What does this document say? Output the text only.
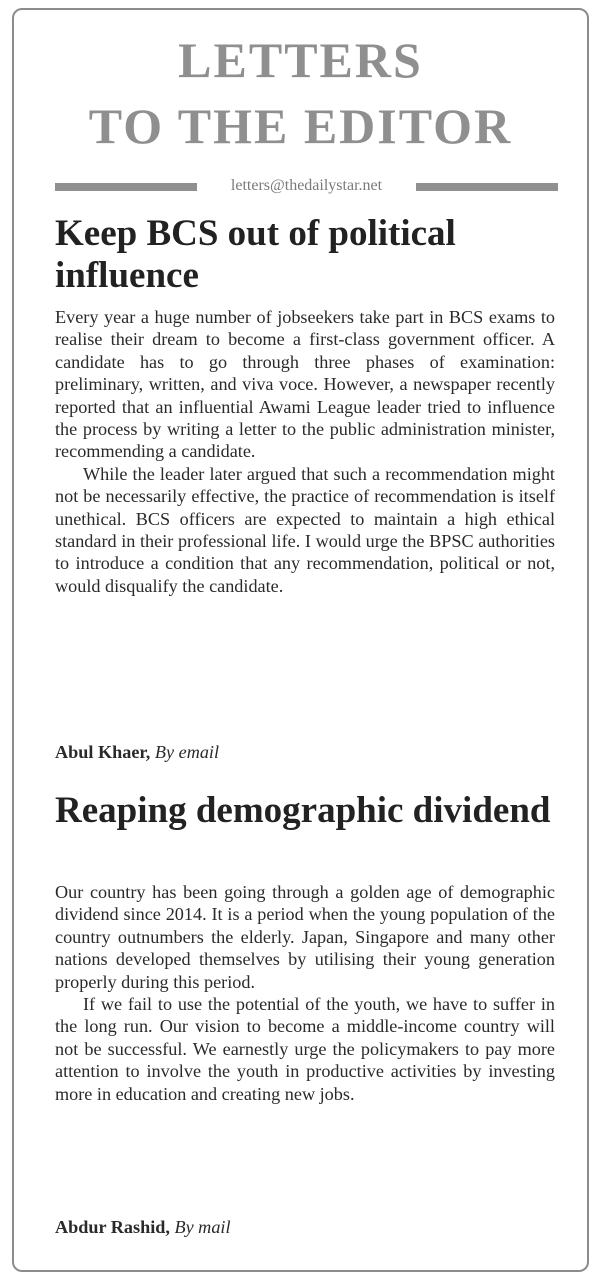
LETTERS
TO THE EDITOR
letters@thedailystar.net
Keep BCS out of political influence

Every year a huge number of jobseekers take part in BCS exams to realise their dream to become a first-class government officer. A candidate has to go through three phases of examination: preliminary, written, and viva voce. However, a newspaper recently reported that an influential Awami League leader tried to influence the process by writing a letter to the public administration minister, recommending a candidate.

While the leader later argued that such a recommendation might not be necessarily effective, the practice of recommendation is itself unethical. BCS officers are expected to maintain a high ethical standard in their professional life. I would urge the BPSC authorities to introduce a condition that any recommendation, political or not, would disqualify the candidate.

Abul Khaer, By email
Reaping demographic dividend

Our country has been going through a golden age of demographic dividend since 2014. It is a period when the young population of the country outnumbers the elderly. Japan, Singapore and many other nations developed themselves by utilising their young generation properly during this period.

If we fail to use the potential of the youth, we have to suffer in the long run. Our vision to become a middle-income country will not be successful. We earnestly urge the policymakers to pay more attention to involve the youth in productive activities by investing more in education and creating new jobs.

Abdur Rashid, By mail
